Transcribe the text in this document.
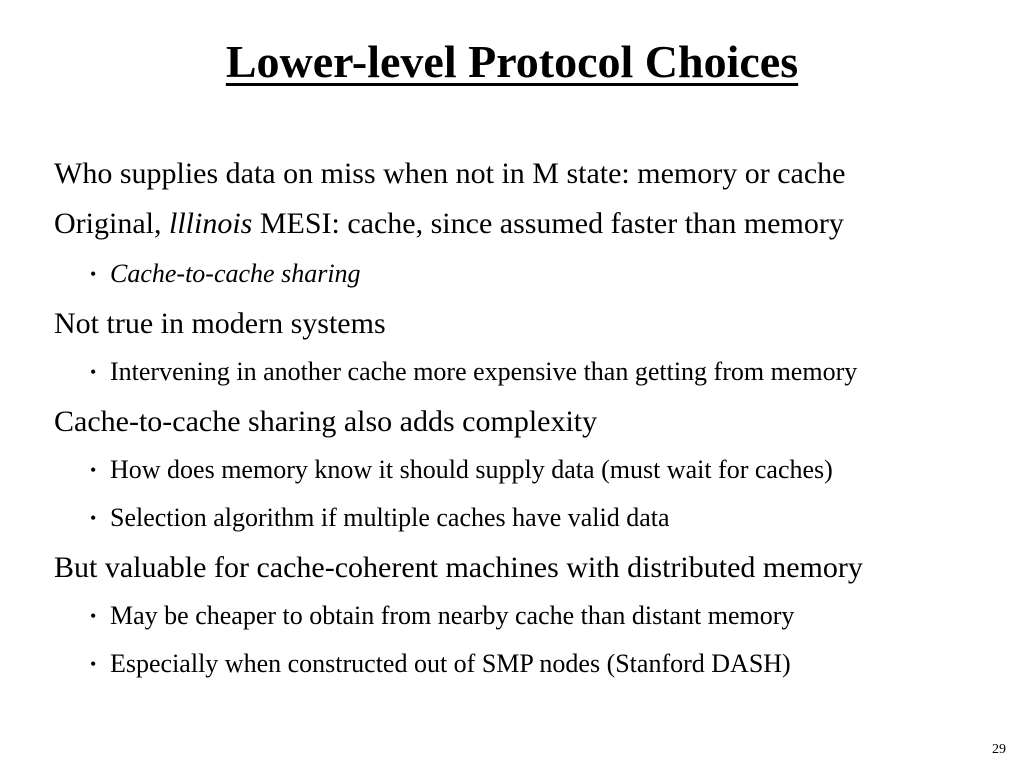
Lower-level Protocol Choices
Who supplies data on miss when not in M state: memory or cache
Original, lllinois MESI: cache, since assumed faster than memory
• Cache-to-cache sharing
Not true in modern systems
• Intervening in another cache more expensive than getting from memory
Cache-to-cache sharing also adds complexity
• How does memory know it should supply data (must wait for caches)
• Selection algorithm if multiple caches have valid data
But valuable for cache-coherent machines with distributed memory
• May be cheaper to obtain from nearby cache than distant memory
• Especially when constructed out of SMP nodes (Stanford DASH)
29
